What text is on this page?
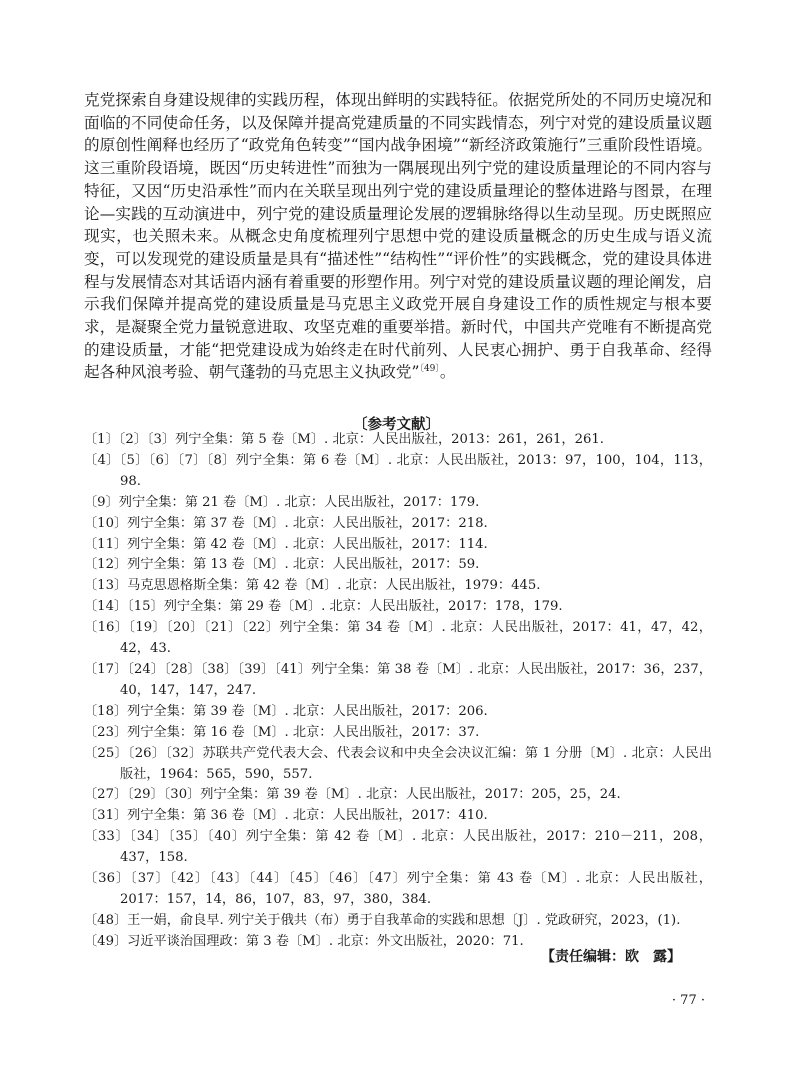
克党探索自身建设规律的实践历程，体现出鲜明的实践特征。依据党所处的不同历史境况和面临的不同使命任务，以及保障并提高党建质量的不同实践情态，列宁对党的建设质量议题的原创性阐释也经历了“政党角色转变”“国内战争困境”“新经济政策施行”三重阶段性语境。这三重阶段语境，既因“历史转进性”而独为一隅展现出列宁党的建设质量理论的不同内容与特征，又因“历史沿承性”而内在关联呈现出列宁党的建设质量理论的整体进路与图景，在理论—实践的互动演进中，列宁党的建设质量理论发展的逻辑脉络得以生动呈现。历史既照应现实，也关照未来。从概念史角度梳理列宁思想中党的建设质量概念的历史生成与语义流变，可以发现党的建设质量是具有“描述性”“结构性”“评价性”的实践概念，党的建设具体进程与发展情态对其话语内涵有着重要的形塑作用。列宁对党的建设质量议题的理论阐发，启示我们保障并提高党的建设质量是马克思主义政党开展自身建设工作的质性规定与根本要求，是凝聚全党力量锐意进取、攻坚克难的重要举措。新时代，中国共产党唯有不断提高党的建设质量，才能“把党建设成为始终走在时代前列、人民衷心拥护、勇于自我革命、经得起各种风浪考验、朝气蓬勃的马克思主义执政党”$^{〔49〕}$。
〔参考文献〕
〔1〕〔2〕〔3〕列宁全集：第 5 卷〔M〕. 北京：人民出版社，2013：261，261，261.
〔4〕〔5〕〔6〕〔7〕〔8〕列宁全集：第 6 卷〔M〕. 北京：人民出版社，2013：97，100，104，113，98.
〔9〕列宁全集：第 21 卷〔M〕. 北京：人民出版社，2017：179.
〔10〕列宁全集：第 37 卷〔M〕. 北京：人民出版社，2017：218.
〔11〕列宁全集：第 42 卷〔M〕. 北京：人民出版社，2017：114.
〔12〕列宁全集：第 13 卷〔M〕. 北京：人民出版社，2017：59.
〔13〕马克思恩格斯全集：第 42 卷〔M〕. 北京：人民出版社，1979：445.
〔14〕〔15〕列宁全集：第 29 卷〔M〕. 北京：人民出版社，2017：178，179.
〔16〕〔19〕〔20〕〔21〕〔22〕列宁全集：第 34 卷〔M〕. 北京：人民出版社，2017：41，47，42，42，43.
〔17〕〔24〕〔28〕〔38〕〔39〕〔41〕列宁全集：第 38 卷〔M〕. 北京：人民出版社，2017：36，237，40，147，147，247.
〔18〕列宁全集：第 39 卷〔M〕. 北京：人民出版社，2017：206.
〔23〕列宁全集：第 16 卷〔M〕. 北京：人民出版社，2017：37.
〔25〕〔26〕〔32〕苏联共产党代表大会、代表会议和中央全会决议汇编：第 1 分册〔M〕. 北京：人民出版社，1964：565，590，557.
〔27〕〔29〕〔30〕列宁全集：第 39 卷〔M〕. 北京：人民出版社，2017：205，25，24.
〔31〕列宁全集：第 36 卷〔M〕. 北京：人民出版社，2017：410.
〔33〕〔34〕〔35〕〔40〕列宁全集：第 42 卷〔M〕. 北京：人民出版社，2017：210－211，208，437，158.
〔36〕〔37〕〔42〕〔43〕〔44〕〔45〕〔46〕〔47〕列宁全集：第 43 卷〔M〕. 北京：人民出版社，2017：157，14，86，107，83，97，380，384.
〔48〕王一娟，俞良早. 列宁关于俄共（布）勇于自我革命的实践和思想〔J〕. 党政研究，2023，(1).
〔49〕习近平谈治国理政：第 3 卷〔M〕. 北京：外文出版社，2020：71.
【责任编辑：欧　露】
· 77 ·
